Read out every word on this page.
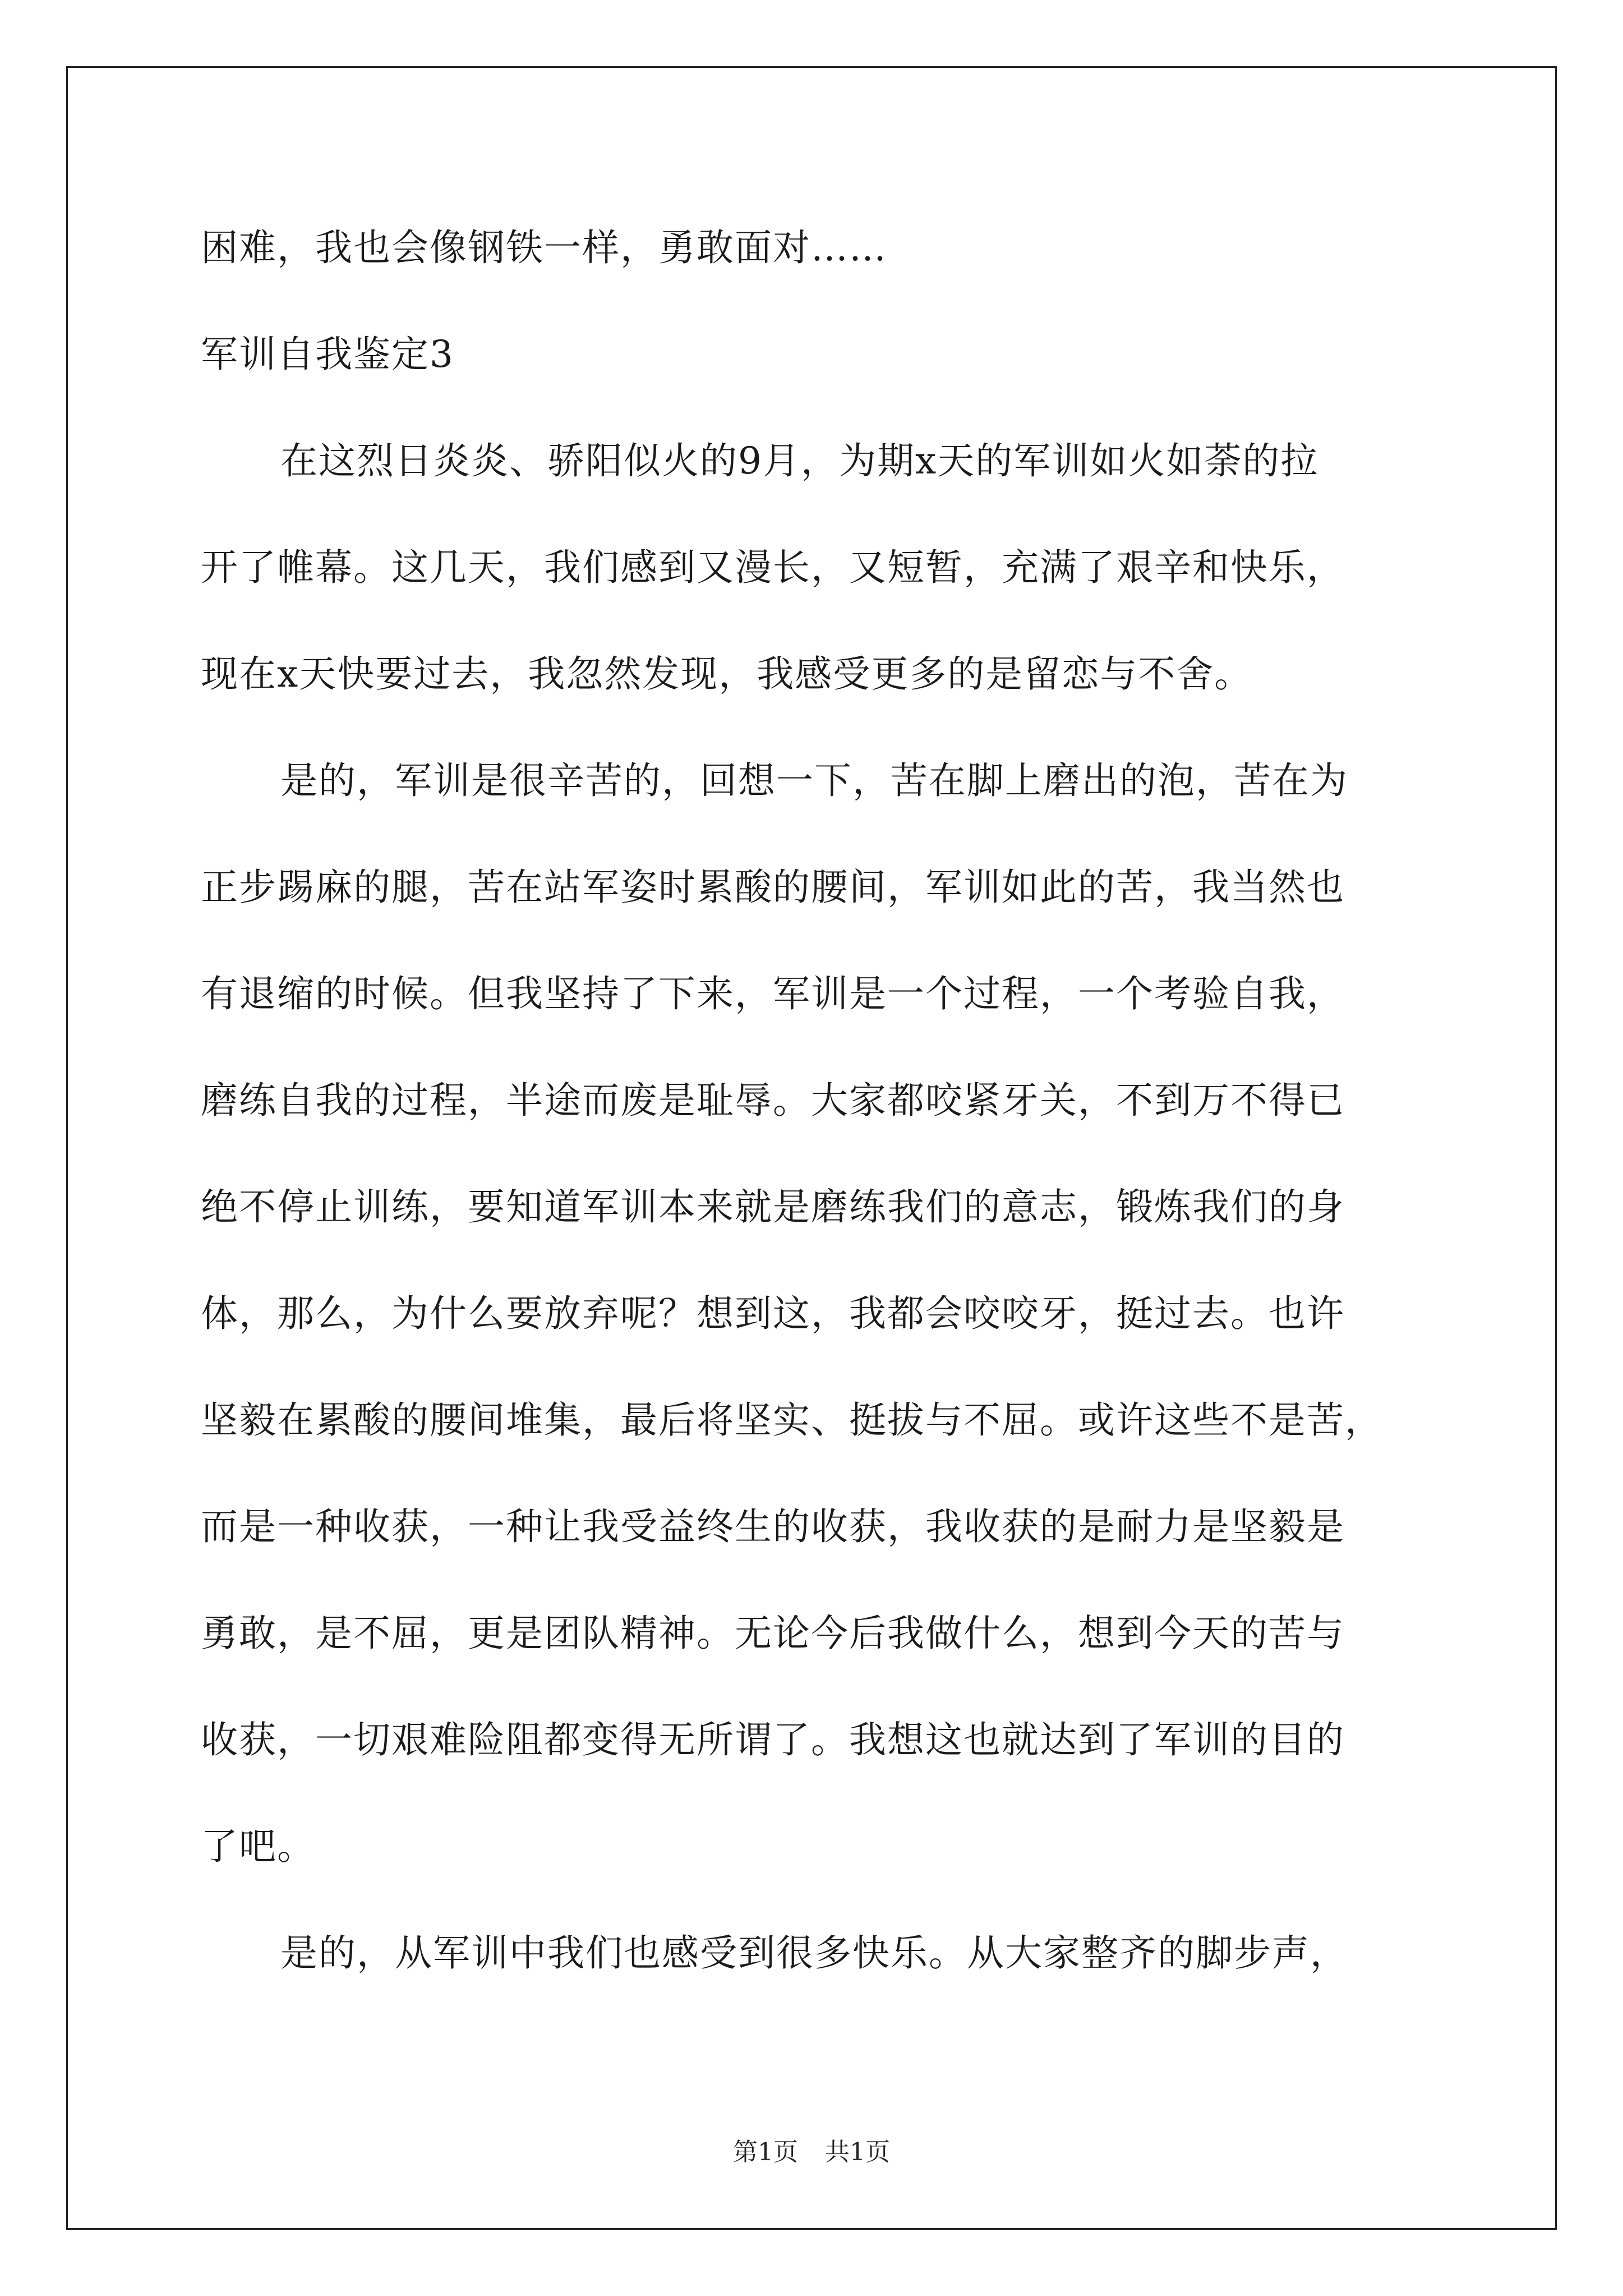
困难，我也会像钢铁一样，勇敢面对……
军训自我鉴定3
在这烈日炎炎、骄阳似火的9月，为期x天的军训如火如荼的拉
开了帷幕。这几天，我们感到又漫长，又短暂，充满了艰辛和快乐，
现在x天快要过去，我忽然发现，我感受更多的是留恋与不舍。
是的，军训是很辛苦的，回想一下，苦在脚上磨出的泡，苦在为
正步踢麻的腿，苦在站军姿时累酸的腰间，军训如此的苦，我当然也
有退缩的时候。但我坚持了下来，军训是一个过程，一个考验自我，
磨练自我的过程，半途而废是耻辱。大家都咬紧牙关，不到万不得已
绝不停止训练，要知道军训本来就是磨练我们的意志，锻炼我们的身
体，那么，为什么要放弃呢？想到这，我都会咬咬牙，挺过去。也许
坚毅在累酸的腰间堆集，最后将坚实、挺拔与不屈。或许这些不是苦，
而是一种收获，一种让我受益终生的收获，我收获的是耐力是坚毅是
勇敢，是不屈，更是团队精神。无论今后我做什么，想到今天的苦与
收获，一切艰难险阻都变得无所谓了。我想这也就达到了军训的目的
了吧。
是的，从军训中我们也感受到很多快乐。从大家整齐的脚步声，
第1页 共1页
